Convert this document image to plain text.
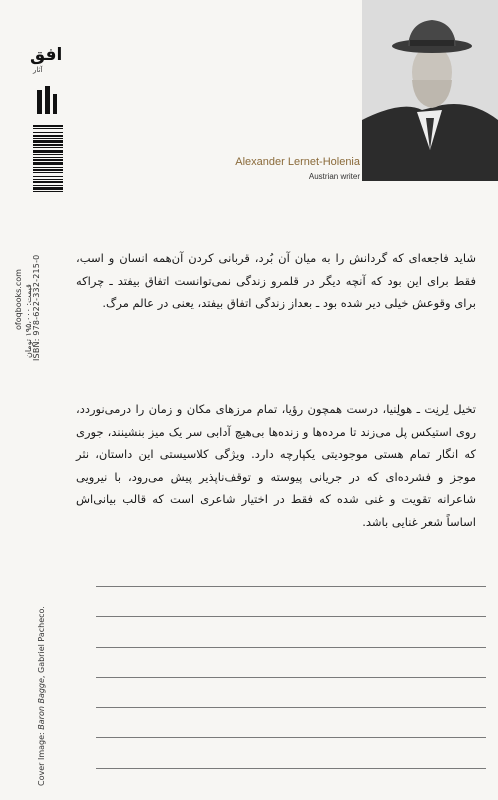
افق
آثار
ISBN: 978-622-332-215-0
ofoqbooks.com
قیمت: ۱۹۵،۰۰۰ تومان
Cover Image: Baron Bagge, Gabriel Pacheco.
Alexander Lernet-Holenia
Austrian writer

شاید فاجعه‌ای که گردانش را به میان آن بُرد، قربانی کردن آن‌همه انسان و اسب، فقط برای این بود که آنچه دیگر در قلمرو زندگی نمی‌توانست اتفاق بیفتد ـ چراکه برای وقوعش خیلی دیر شده بود ـ بعداز زندگی اتفاق بیفتد، یعنی در عالم مرگ.

تخیل لِرنِت ـ هولِنیا، درست همچون رؤیا، تمام مرزهای مکان و زمان را درمی‌نوردد، روی استیکس پل می‌زند تا مرده‌ها و زنده‌ها بی‌هیچ آدابی سر یک میز بنشینند، جوری که انگار تمام هستی موجودیتی یکپارچه دارد. ویژگی کلاسیستی این داستان، نثر موجز و فشرده‌ای که در جریانی پیوسته و توقف‌ناپذیر پیش می‌رود، با نیرویی شاعرانه تقویت و غنی شده که فقط در اختیار شاعری است که قالب بیانی‌اش اساساً شعر غنایی باشد.
